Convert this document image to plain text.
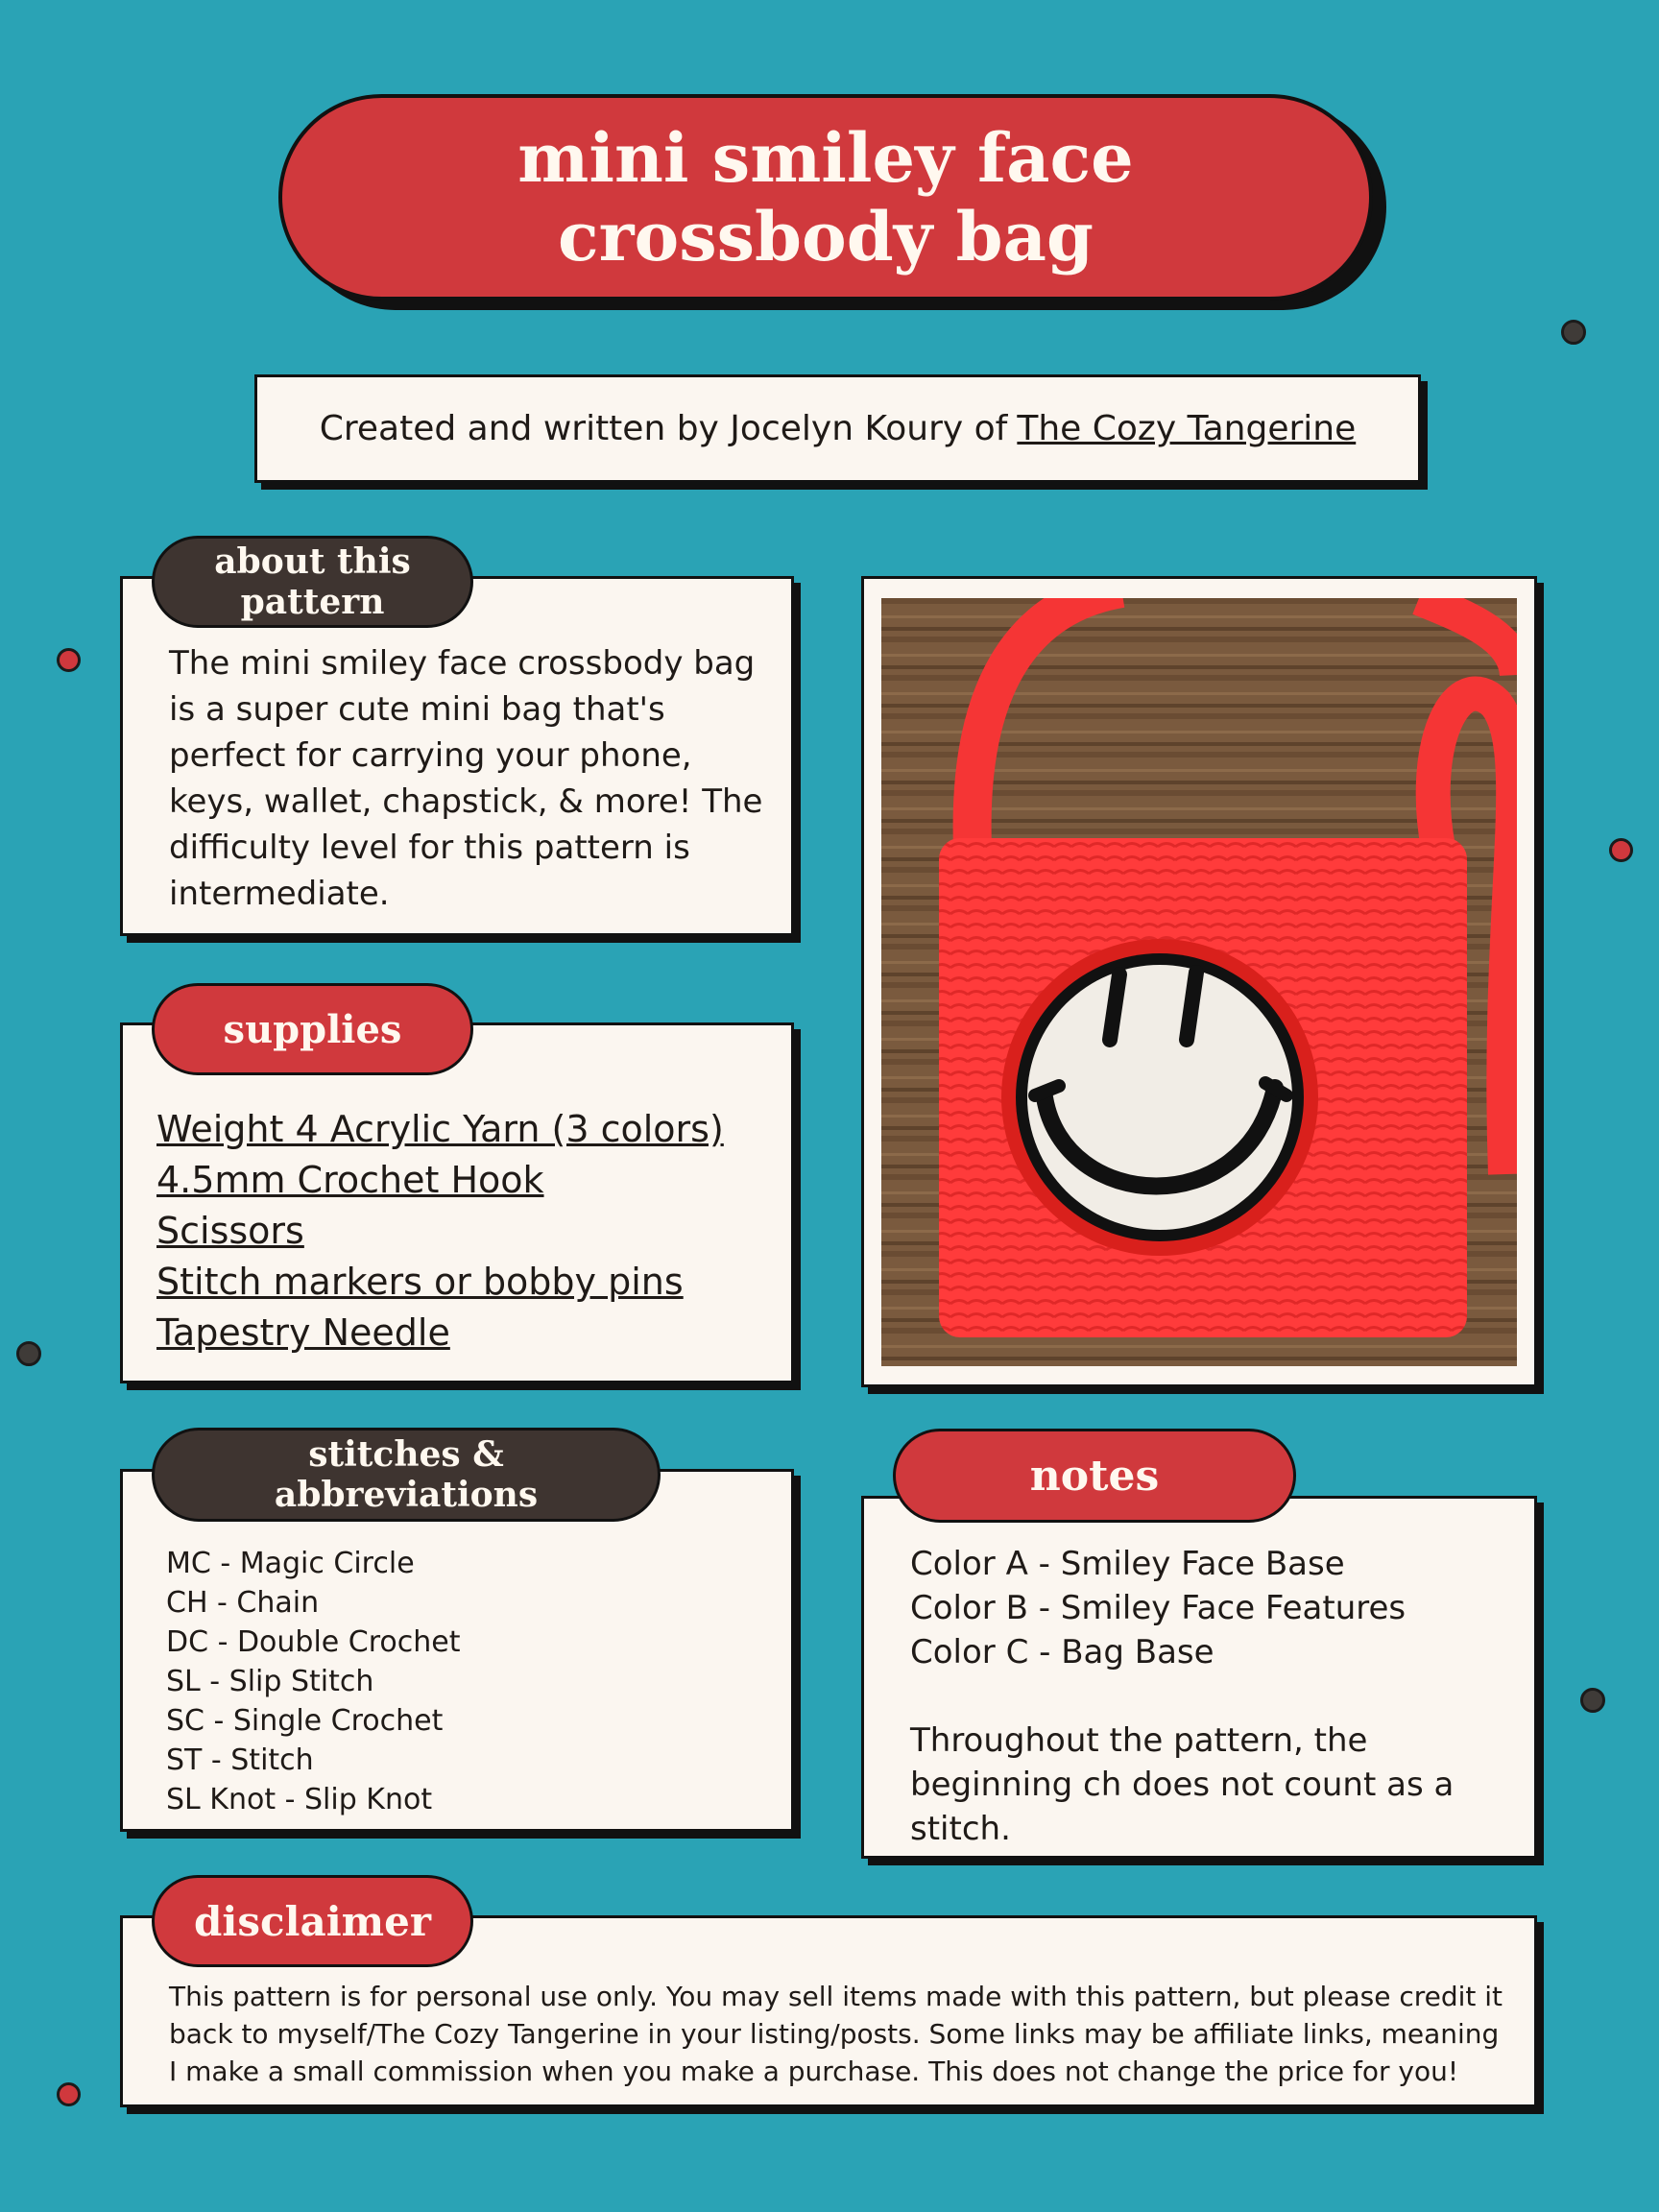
mini smiley face crossbody bag
Created and written by Jocelyn Koury of The Cozy Tangerine
The mini smiley face crossbody bag is a super cute mini bag that's perfect for carrying your phone, keys, wallet, chapstick, & more! The difficulty level for this pattern is intermediate.
about this pattern
Weight 4 Acrylic Yarn (3 colors)
4.5mm Crochet Hook
Scissors
Stitch markers or bobby pins
Tapestry Needle
supplies
MC - Magic Circle
CH - Chain
DC - Double Crochet
SL - Slip Stitch
SC - Single Crochet
ST - Stitch
SL Knot - Slip Knot
stitches & abbreviations
Color A - Smiley Face Base
Color B - Smiley Face Features
Color C - Bag Base
Throughout the pattern, the beginning ch does not count as a stitch.
notes
This pattern is for personal use only. You may sell items made with this pattern, but please credit it back to myself/The Cozy Tangerine in your listing/posts. Some links may be affiliate links, meaning I make a small commission when you make a purchase. This does not change the price for you!
disclaimer
